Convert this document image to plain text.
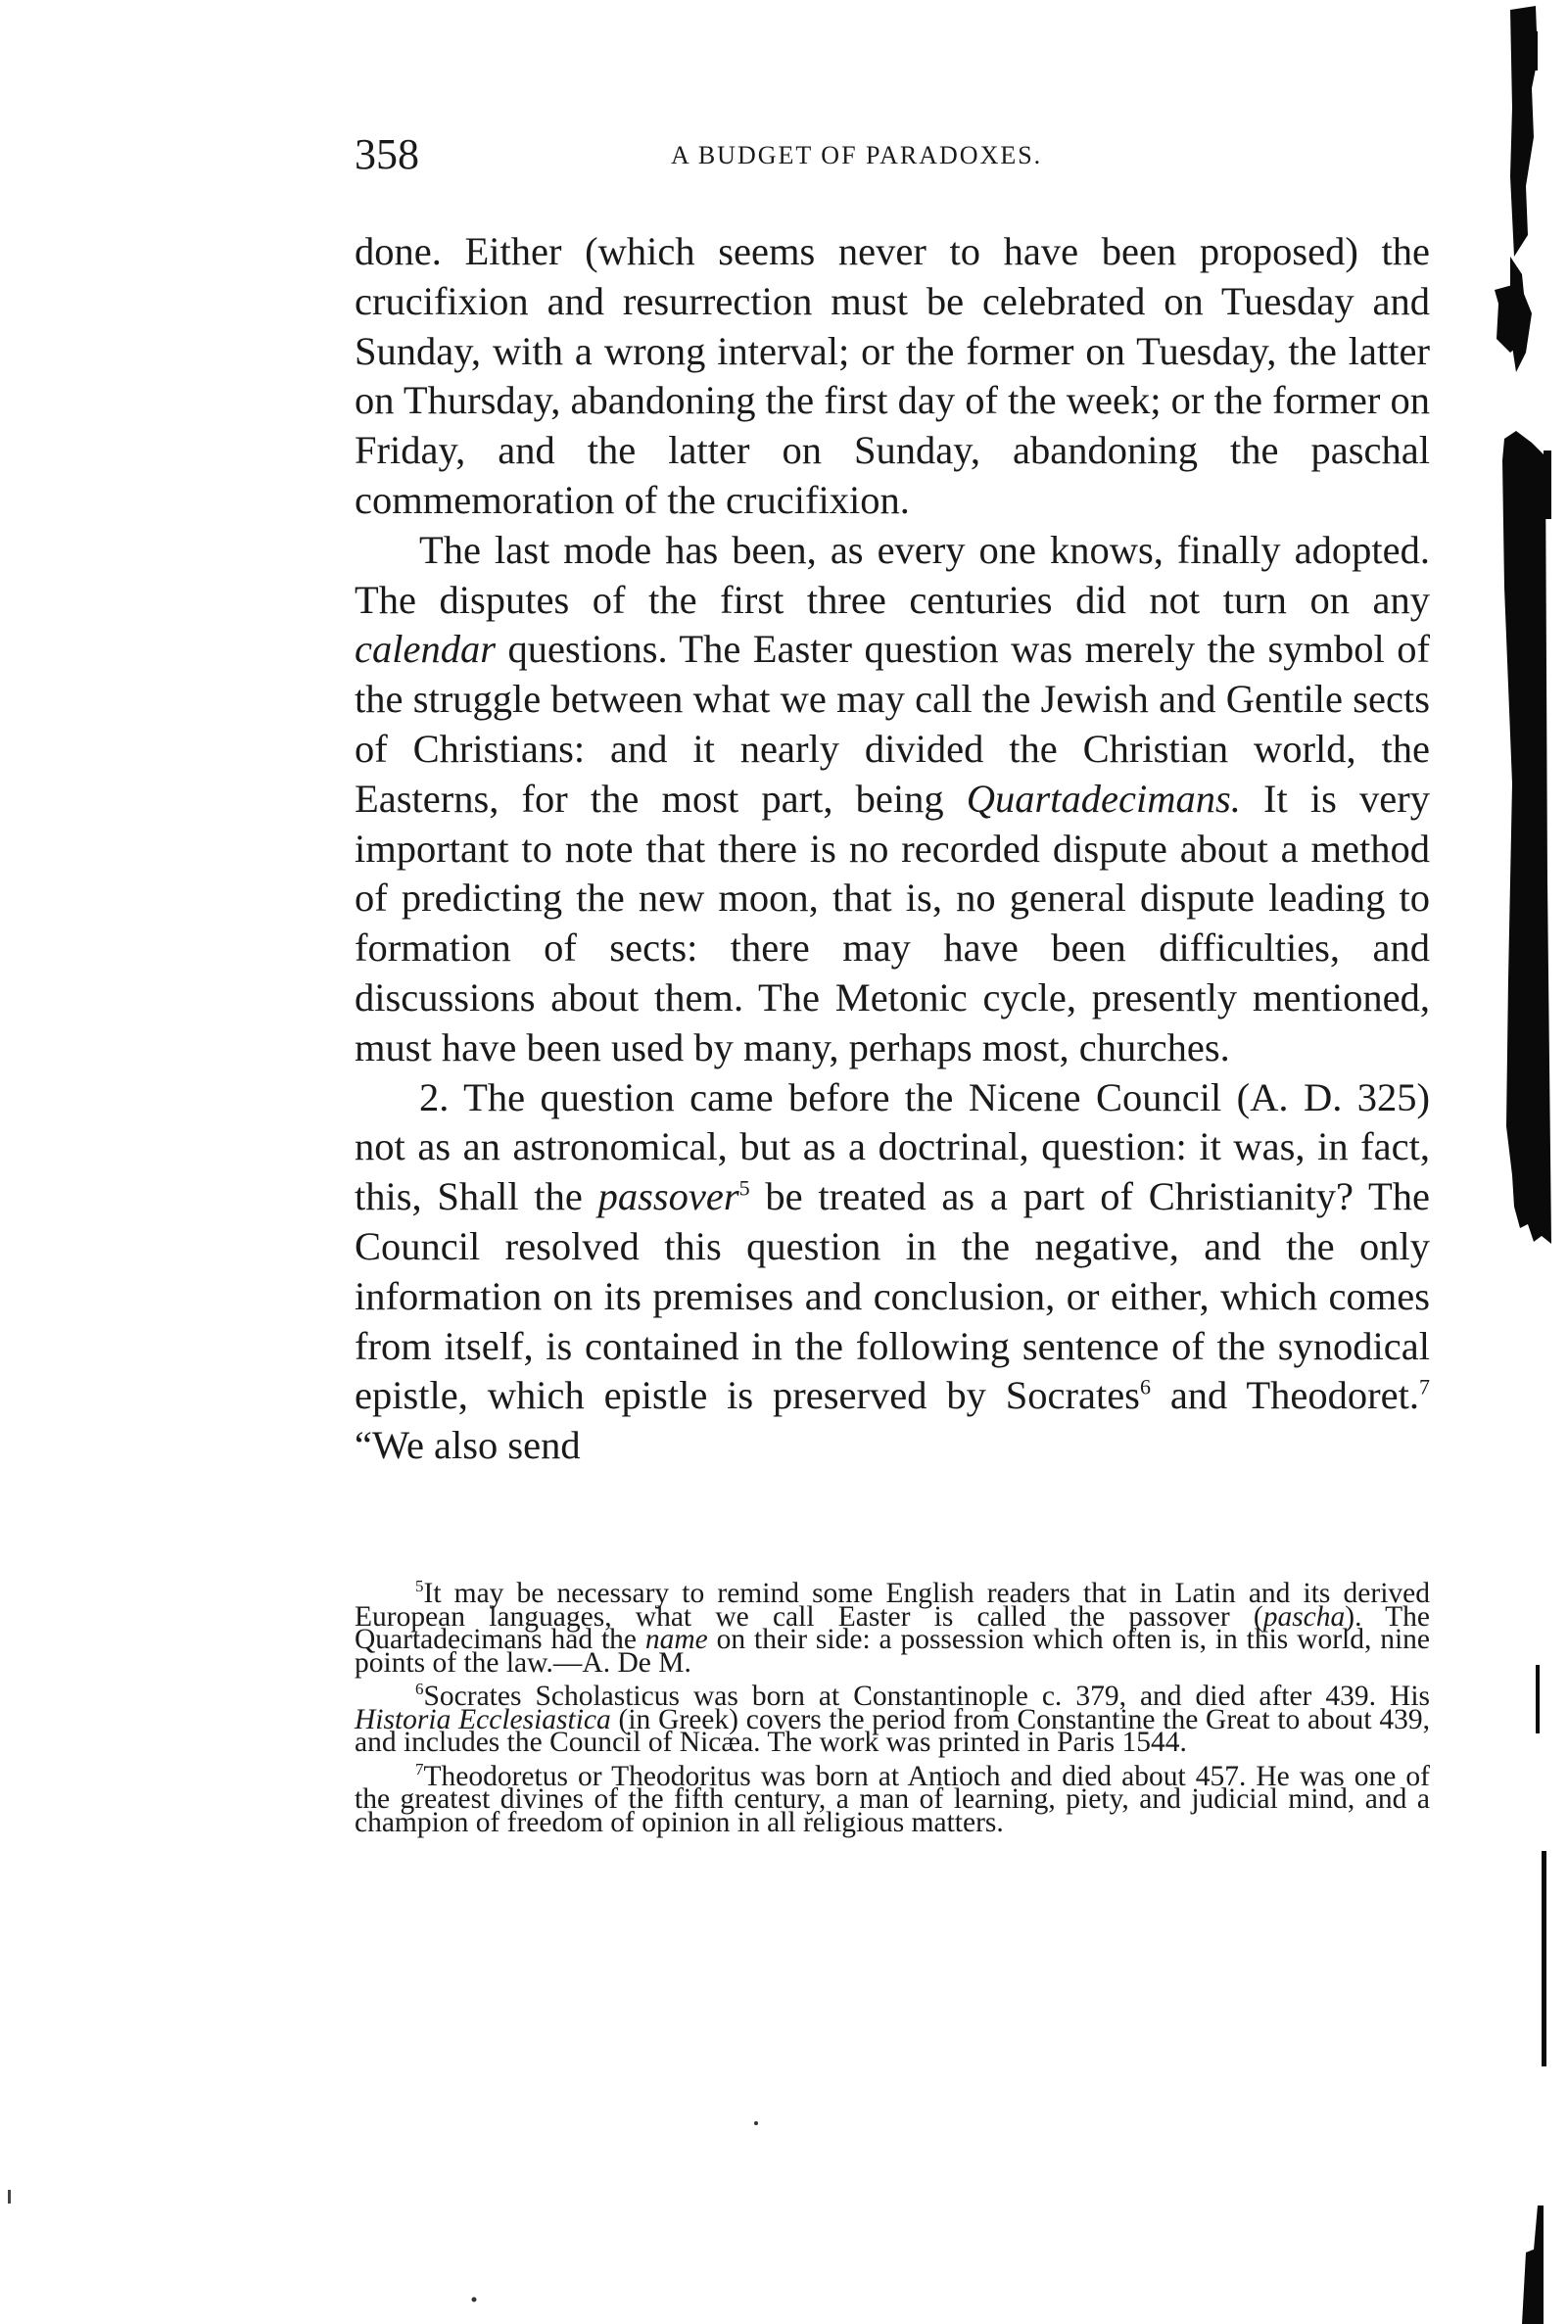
358	A BUDGET OF PARADOXES.

done. Either (which seems never to have been proposed) the crucifixion and resurrection must be celebrated on Tuesday and Sunday, with a wrong interval; or the former on Tuesday, the latter on Thursday, abandoning the first day of the week; or the former on Friday, and the latter on Sunday, abandoning the paschal commemoration of the crucifixion.

The last mode has been, as every one knows, finally adopted. The disputes of the first three centuries did not turn on any calendar questions. The Easter question was merely the symbol of the struggle between what we may call the Jewish and Gentile sects of Christians: and it nearly divided the Christian world, the Easterns, for the most part, being Quartadecimans. It is very important to note that there is no recorded dispute about a method of predicting the new moon, that is, no general dispute leading to formation of sects: there may have been difficulties, and discussions about them. The Metonic cycle, presently mentioned, must have been used by many, perhaps most, churches.

2. The question came before the Nicene Council (A. D. 325) not as an astronomical, but as a doctrinal, question: it was, in fact, this, Shall the passover$^5$ be treated as a part of Christianity? The Council resolved this question in the negative, and the only information on its premises and conclusion, or either, which comes from itself, is contained in the following sentence of the synodical epistle, which epistle is preserved by Socrates$^6$ and Theodoret.$^7$ “We also send

$^5$It may be necessary to remind some English readers that in Latin and its derived European languages, what we call Easter is called the passover (pascha). The Quartadecimans had the name on their side: a possession which often is, in this world, nine points of the law.—A. De M.

$^6$Socrates Scholasticus was born at Constantinople c. 379, and died after 439. His Historia Ecclesiastica (in Greek) covers the period from Constantine the Great to about 439, and includes the Council of Nicæa. The work was printed in Paris 1544.

$^7$Theodoretus or Theodoritus was born at Antioch and died about 457. He was one of the greatest divines of the fifth century, a man of learning, piety, and judicial mind, and a champion of freedom of opinion in all religious matters.
